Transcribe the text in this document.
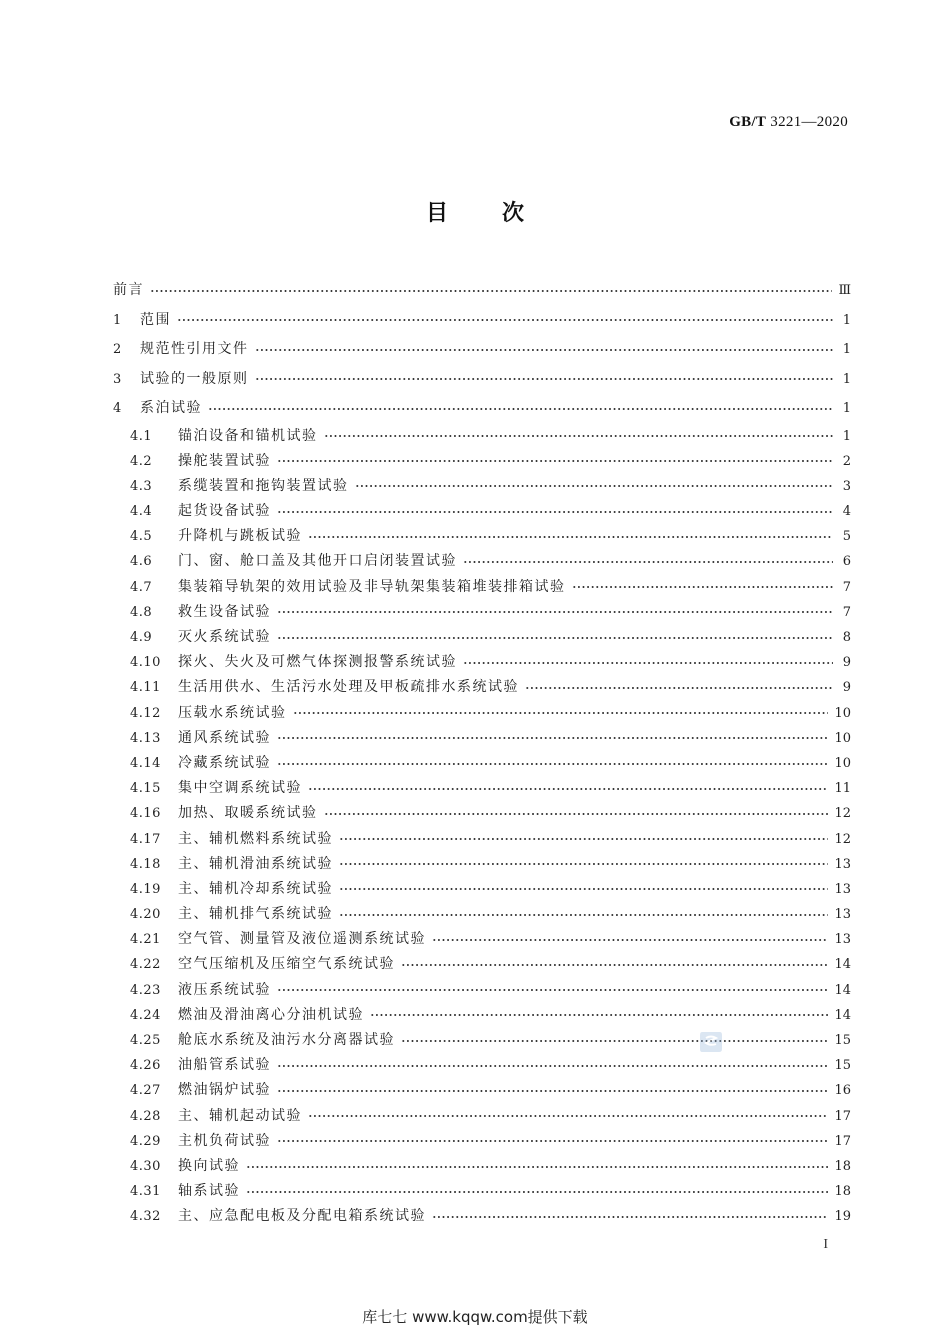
GB/T 3221—2020
目次
前言	Ⅲ
1	范围	1
2	规范性引用文件	1
3	试验的一般原则	1
4	系泊试验	1
4.1	锚泊设备和锚机试验	1
4.2	操舵装置试验	2
4.3	系缆装置和拖钩装置试验	3
4.4	起货设备试验	4
4.5	升降机与跳板试验	5
4.6	门、窗、舱口盖及其他开口启闭装置试验	6
4.7	集装箱导轨架的效用试验及非导轨架集装箱堆装排箱试验	7
4.8	救生设备试验	7
4.9	灭火系统试验	8
4.10	探火、失火及可燃气体探测报警系统试验	9
4.11	生活用供水、生活污水处理及甲板疏排水系统试验	9
4.12	压载水系统试验	10
4.13	通风系统试验	10
4.14	冷藏系统试验	10
4.15	集中空调系统试验	11
4.16	加热、取暖系统试验	12
4.17	主、辅机燃料系统试验	12
4.18	主、辅机滑油系统试验	13
4.19	主、辅机冷却系统试验	13
4.20	主、辅机排气系统试验	13
4.21	空气管、测量管及液位遥测系统试验	13
4.22	空气压缩机及压缩空气系统试验	14
4.23	液压系统试验	14
4.24	燃油及滑油离心分油机试验	14
4.25	舱底水系统及油污水分离器试验	15
4.26	油船管系试验	15
4.27	燃油锅炉试验	16
4.28	主、辅机起动试验	17
4.29	主机负荷试验	17
4.30	换向试验	18
4.31	轴系试验	18
4.32	主、应急配电板及分配电箱系统试验	19
I
库七七 www.kqqw.com提供下载
